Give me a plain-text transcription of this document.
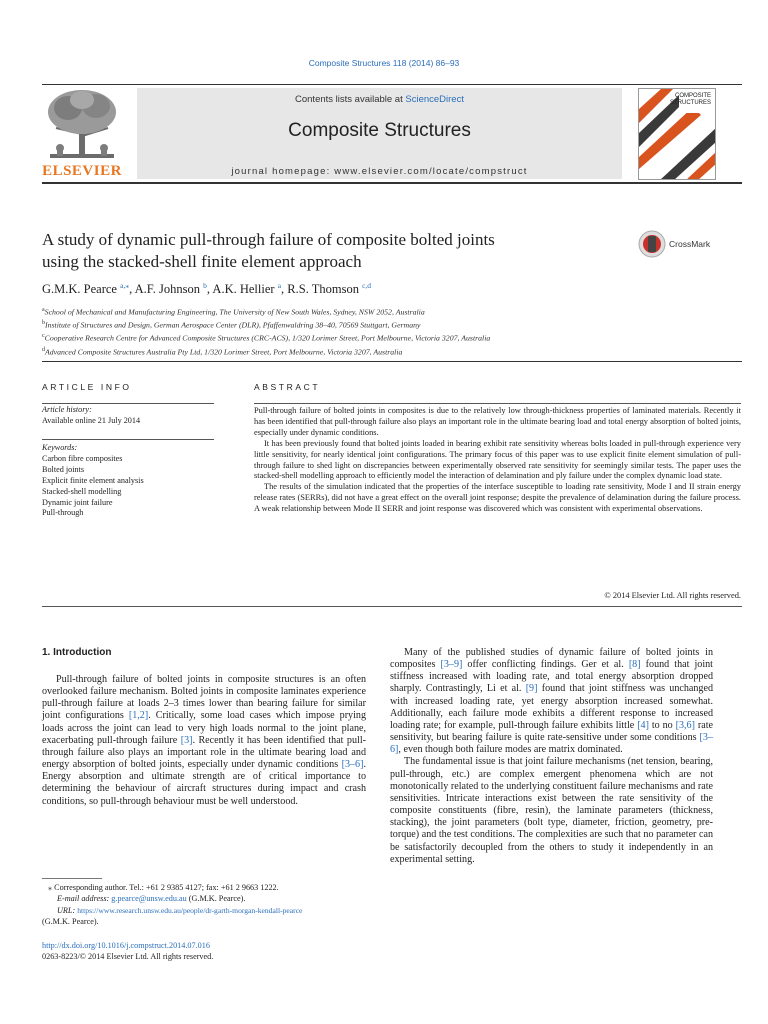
Composite Structures 118 (2014) 86–93
ELSEVIER
Contents lists available at ScienceDirect
Composite Structures
journal homepage: www.elsevier.com/locate/compstruct
COMPOSITE
STRUCTURES
A study of dynamic pull-through failure of composite bolted joints
using the stacked-shell finite element approach
CrossMark
G.M.K. Pearce $^{a,⁎}$, A.F. Johnson $^b$, A.K. Hellier $^a$, R.S. Thomson $^{c,d}$
$^a$School of Mechanical and Manufacturing Engineering, The University of New South Wales, Sydney, NSW 2052, Australia
$^b$Institute of Structures and Design, German Aerospace Center (DLR), Pfaffenwaldring 38–40, 70569 Stuttgart, Germany
$^c$Cooperative Research Centre for Advanced Composite Structures (CRC-ACS), 1/320 Lorimer Street, Port Melbourne, Victoria 3207, Australia
$^d$Advanced Composite Structures Australia Pty Ltd, 1/320 Lorimer Street, Port Melbourne, Victoria 3207, Australia
ARTICLE INFO
Article history:
Available online 21 July 2014
Keywords:
Carbon fibre composites
Bolted joints
Explicit finite element analysis
Stacked-shell modelling
Dynamic joint failure
Pull-through
ABSTRACT

Pull-through failure of bolted joints in composites is due to the relatively low through-thickness properties of laminated materials. Recently it has been identified that pull-through failure also plays an important role in the ultimate bearing load and total energy absorption of bolted joints, especially under dynamic conditions.

It has been previously found that bolted joints loaded in bearing exhibit rate sensitivity whereas bolts loaded in pull-through experience very little sensitivity, for nearly identical joint configurations. The primary focus of this paper was to use explicit finite element simulation of pull-through failure to shed light on discrepancies between experimentally observed rate sensitivity for seemingly similar tests. The paper uses the stacked-shell modelling approach to efficiently model the interaction of delamination and ply failure under the complex dynamic load state.

The results of the simulation indicated that the properties of the interface susceptible to loading rate sensitivity, Mode I and II strain energy release rates (SERRs), did not have a great effect on the overall joint response; despite the prevalence of delamination during the failure process. A weak relationship between Mode II SERR and joint response was discovered which was consistent with experimental observations.

© 2014 Elsevier Ltd. All rights reserved.
1. Introduction

Pull-through failure of bolted joints in composite structures is an often overlooked failure mechanism. Bolted joints in composite laminates experience pull-through failure at loads 2–3 times lower than bearing failure for similar joint configurations [1,2]. Critically, some load cases which impose prying loads across the joint can lead to very high loads normal to the joint plane, exacerbating pull-through failure [3]. Recently it has been identified that pull-through failure also plays an important role in the ultimate bearing load and energy absorption of bolted joints, especially under dynamic conditions [3–6]. Energy absorption and ultimate strength are of critical importance to determining the behaviour of aircraft structures during impact and crash conditions, so pull-through behaviour must be well understood.

⁎ Corresponding author. Tel.: +61 2 9385 4127; fax: +61 2 9663 1222.
E-mail address: g.pearce@unsw.edu.au (G.M.K. Pearce).
URL: https://www.research.unsw.edu.au/people/dr-garth-morgan-kendall-pearce
(G.M.K. Pearce).
http://dx.doi.org/10.1016/j.compstruct.2014.07.016
0263-8223/© 2014 Elsevier Ltd. All rights reserved.

Many of the published studies of dynamic failure of bolted joints in composites [3–9] offer conflicting findings. Ger et al. [8] found that joint stiffness increased with loading rate, and total energy absorption dropped sharply. Contrastingly, Li et al. [9] found that joint stiffness was unchanged with increased loading rate, yet energy absorption increased somewhat. Additionally, each failure mode exhibits a different response to increased loading rate; for example, pull-through failure exhibits little [4] to no [3,6] rate sensitivity, but bearing failure is quite rate-sensitive under some conditions [3–6], even though both failure modes are matrix dominated.

The fundamental issue is that joint failure mechanisms (net tension, bearing, pull-through, etc.) are complex emergent phenomena which are not monotonically related to the underlying constituent failure mechanisms and rate sensitivities. Intricate interactions exist between the rate sensitivity of the composite constituents (fibre, resin), the laminate parameters (thickness, stacking), the joint parameters (bolt type, diameter, friction, geometry, pre-torque) and the test conditions. The complexities are such that no parameter can be satisfactorily decoupled from the others to study it independently in an experimental setting.
